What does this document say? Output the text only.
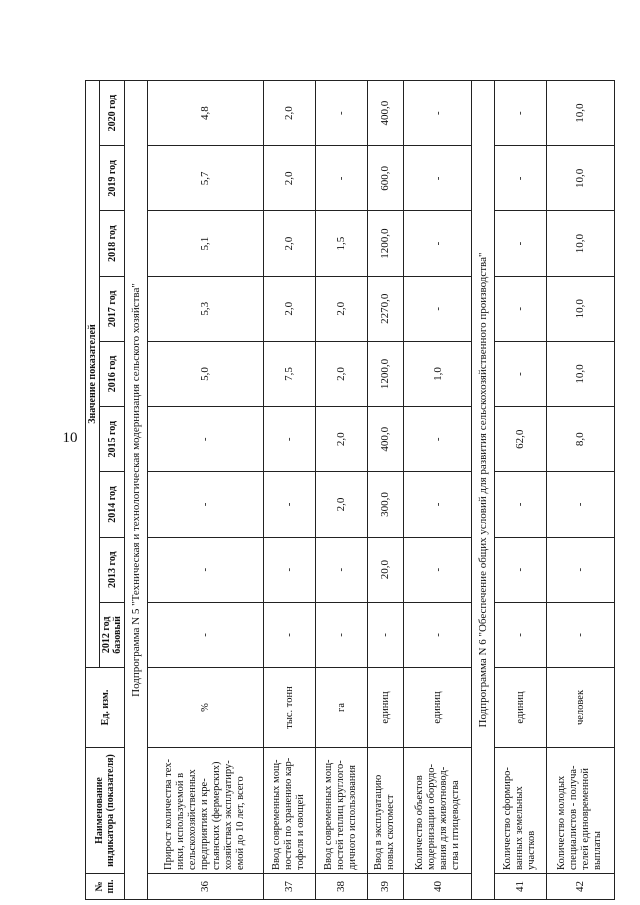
10
№ пп.	Наименование индикатора (показателя)	Ед. изм.	Значение показателей								
			2012 год базовый	2013 год	2014 год	2015 год	2016 год	2017 год	2018 год	2019 год	2020 год
Подпрограмма N 5 "Техническая и технологическая модернизация сельского хозяйства"											
36	Прирост количества тех- ники, используемой в сельскохозяйственных предприятиях и кре- стьянских (фермерских) хозяйствах эксплуатиру- емой до 10 лет, всего	%	-	-	-	-	5,0	5,3	5,1	5,7	4,8
37	Ввод современных мощ- ностей по хранению кар- тофеля и овощей	тыс. тонн	-	-	-	-	7,5	2,0	2,0	2,0	2,0
38	Ввод современных мощ- ностей теплиц круглого- дичного использования	га	-	-	2,0	2,0	2,0	2,0	1,5	-	-
39	Ввод в эксплуатацию новых скотомест	единиц	-	20,0	300,0	400,0	1200,0	2270,0	1200,0	600,0	400,0
40	Количество объектов модернизации оборудо- вания для животновод- ства и птицеводства	единиц	-	-	-	-	1,0	-	-	-	-
Подпрограмма N 6 "Обеспечение общих условий для развития сельскохозяйственного производства"											
41	Количество сформиро- ванных земельных участков	единиц	-	-	-	62,0	-	-	-	-	-
42	Количество молодых специалистов - получа- телей единовременной выплаты	человек	-	-	-	8,0	10,0	10,0	10,0	10,0	10,0
